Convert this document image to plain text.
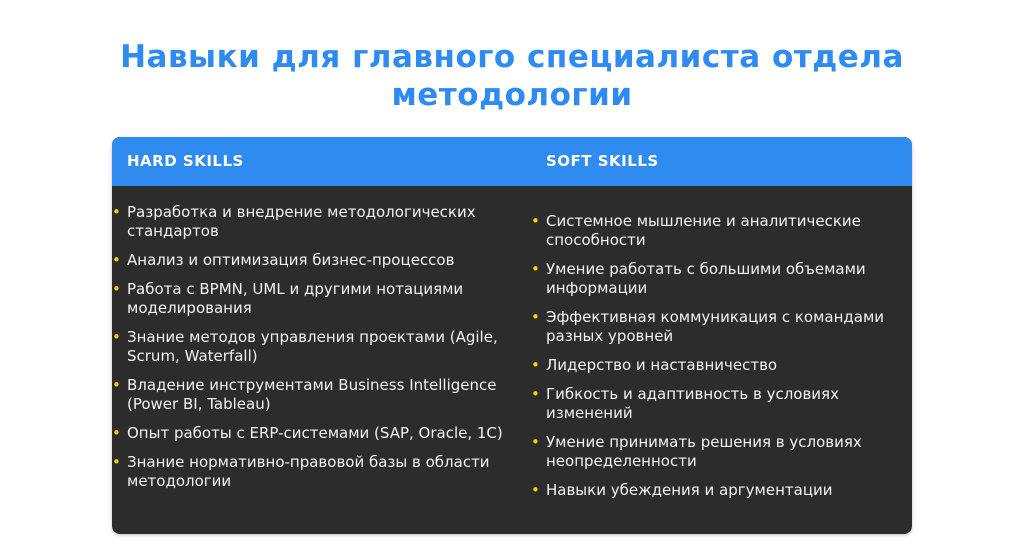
Навыки для главного специалиста отдела методологии
HARD SKILLS	SOFT SKILLS
• Разработка и внедрение методологических стандартов
• Анализ и оптимизация бизнес-процессов
• Работа с BPMN, UML и другими нотациями моделирования
• Знание методов управления проектами (Agile, Scrum, Waterfall)
• Владение инструментами Business Intelligence (Power BI, Tableau)
• Опыт работы с ERP-системами (SAP, Oracle, 1С)
• Знание нормативно-правовой базы в области методологии
• Системное мышление и аналитические способности
• Умение работать с большими объемами информации
• Эффективная коммуникация с командами разных уровней
• Лидерство и наставничество
• Гибкость и адаптивность в условиях изменений
• Умение принимать решения в условиях неопределенности
• Навыки убеждения и аргументации
